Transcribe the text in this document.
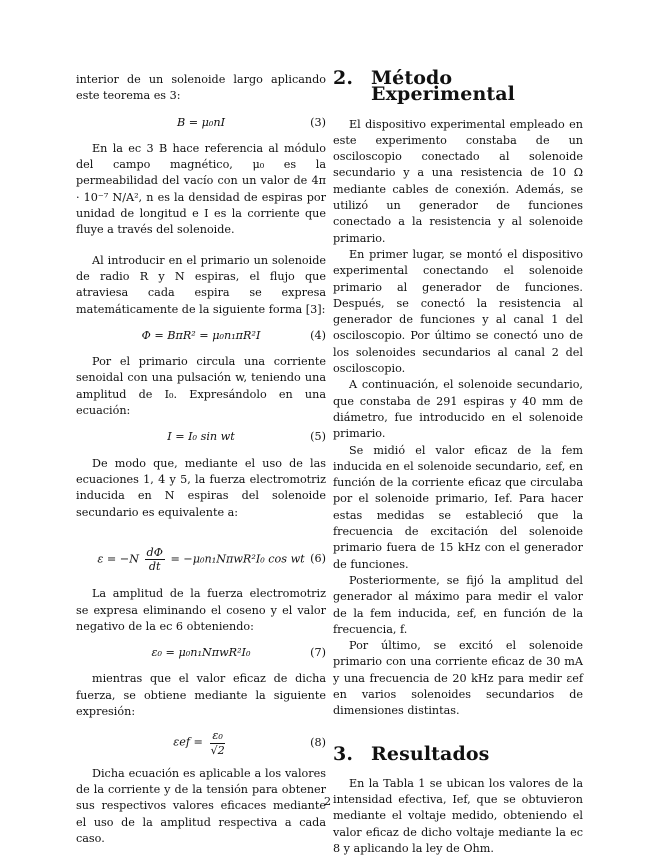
interior de un solenoide largo aplicando este teorema es 3:

B = μ₀nI	(3)

En la ec 3 B hace referencia al módulo del campo magnético, μ₀ es la permeabilidad del vacío con un valor de 4π · 10⁻⁷ N/A², n es la densidad de espiras por unidad de longitud e I es la corriente que fluye a través del solenoide.

Al introducir en el primario un solenoide de radio R y N espiras, el flujo que atraviesa cada espira se expresa matemáticamente de la siguiente forma [3]:

Φ = BπR² = μ₀n₁πR²I	(4)

Por el primario circula una corriente senoidal con una pulsación w, teniendo una amplitud de I₀. Expresándolo en una ecuación:

I = I₀ sin wt	(5)

De modo que, mediante el uso de las ecuaciones 1, 4 y 5, la fuerza electromotriz inducida en N espiras del solenoide secundario es equivalente a:

$\varepsilon = -N \frac{d\Phi}{dt} = -\mu_0n_1N\pi wR^2I_0$ cos wt (6)

La amplitud de la fuerza electromotriz se expresa eliminando el coseno y el valor negativo de la ec 6 obteniendo:

ε₀ = μ₀n₁NπwR²I₀	(7)

mientras que el valor eficaz de dicha fuerza, se obtiene mediante la siguiente expresión:

$\varepsilon ef = \frac{\text{ε₀}}{√2}$	(8)

Dicha ecuación es aplicable a los valores de la corriente y de la tensión para obtener sus respectivos valores eficaces mediante el uso de la amplitud respectiva a cada caso.

2. Método Experimental

El dispositivo experimental empleado en este experimento constaba de un osciloscopio conectado al solenoide secundario y a una resistencia de 10 Ω mediante cables de conexión. Además, se utilizó un generador de funciones conectado a la resistencia y al solenoide primario.

En primer lugar, se montó el dispositivo experimental conectando el solenoide primario al generador de funciones. Después, se conectó la resistencia al generador de funciones y al canal 1 del osciloscopio. Por último se conectó uno de los solenoides secundarios al canal 2 del osciloscopio.

A continuación, el solenoide secundario, que constaba de 291 espiras y 40 mm de diámetro, fue introducido en el solenoide primario.

Se midió el valor eficaz de la fem inducida en el solenoide secundario, εef, en función de la corriente eficaz que circulaba por el solenoide primario, Ief. Para hacer estas medidas se estableció que la frecuencia de excitación del solenoide primario fuera de 15 kHz con el generador de funciones.

Posteriormente, se fijó la amplitud del generador al máximo para medir el valor de la fem inducida, εef, en función de la frecuencia, f.

Por último, se excitó el solenoide primario con una corriente eficaz de 30 mA y una frecuencia de 20 kHz para medir εef en varios solenoides secundarios de dimensiones distintas.

3. Resultados

En la Tabla 1 se ubican los valores de la intensidad efectiva, Ief, que se obtuvieron mediante el voltaje medido, obteniendo el valor eficaz de dicho voltaje mediante la ec 8 y aplicando la ley de Ohm.

2
